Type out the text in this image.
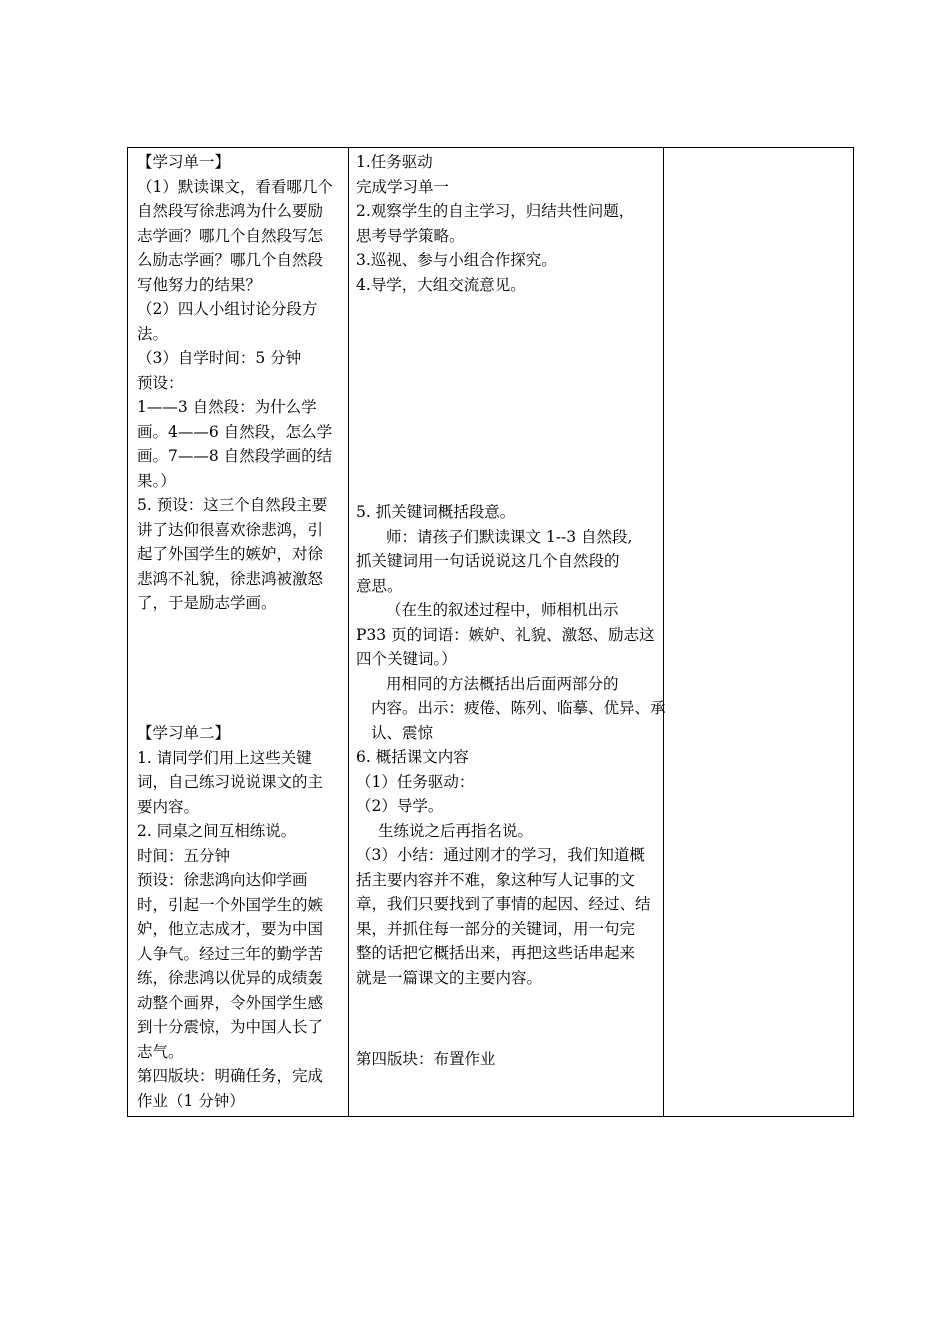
【学习单一】
（1）默读课文，看看哪几个
自然段写徐悲鸿为什么要励
志学画？哪几个自然段写怎
么励志学画？哪几个自然段
写他努力的结果？
（2）四人小组讨论分段方
法。
（3）自学时间：5 分钟
预设：
1——3 自然段：为什么学
画。4——6 自然段，怎么学
画。7——8 自然段学画的结
果。）
5. 预设：这三个自然段主要
讲了达仰很喜欢徐悲鸿，引
起了外国学生的嫉妒，对徐
悲鸿不礼貌，徐悲鸿被激怒
了，于是励志学画。
【学习单二】
1. 请同学们用上这些关键
词，自己练习说说课文的主
要内容。
2. 同桌之间互相练说。
时间：五分钟
预设：徐悲鸿向达仰学画
时，引起一个外国学生的嫉
妒，他立志成才，要为中国
人争气。经过三年的勤学苦
练，徐悲鸿以优异的成绩轰
动整个画界，令外国学生感
到十分震惊，为中国人长了
志气。
第四版块：明确任务，完成
作业（1 分钟）
1.任务驱动
完成学习单一
2.观察学生的自主学习，归结共性问题，
思考导学策略。
3.巡视、参与小组合作探究。
4.导学，大组交流意见。
5. 抓关键词概括段意。
师：请孩子们默读课文 1--3 自然段,
抓关键词用一句话说说这几个自然段的
意思。
（在生的叙述过程中，师相机出示
P33 页的词语：嫉妒、礼貌、激怒、励志这
四个关键词。）
用相同的方法概括出后面两部分的
内容。出示：疲倦、陈列、临摹、优异、承
认、震惊
6. 概括课文内容
（1）任务驱动：
（2）导学。
生练说之后再指名说。
（3）小结：通过刚才的学习，我们知道概
括主要内容并不难，象这种写人记事的文
章，我们只要找到了事情的起因、经过、结
果，并抓住每一部分的关键词，用一句完
整的话把它概括出来，再把这些话串起来
就是一篇课文的主要内容。
第四版块：布置作业
